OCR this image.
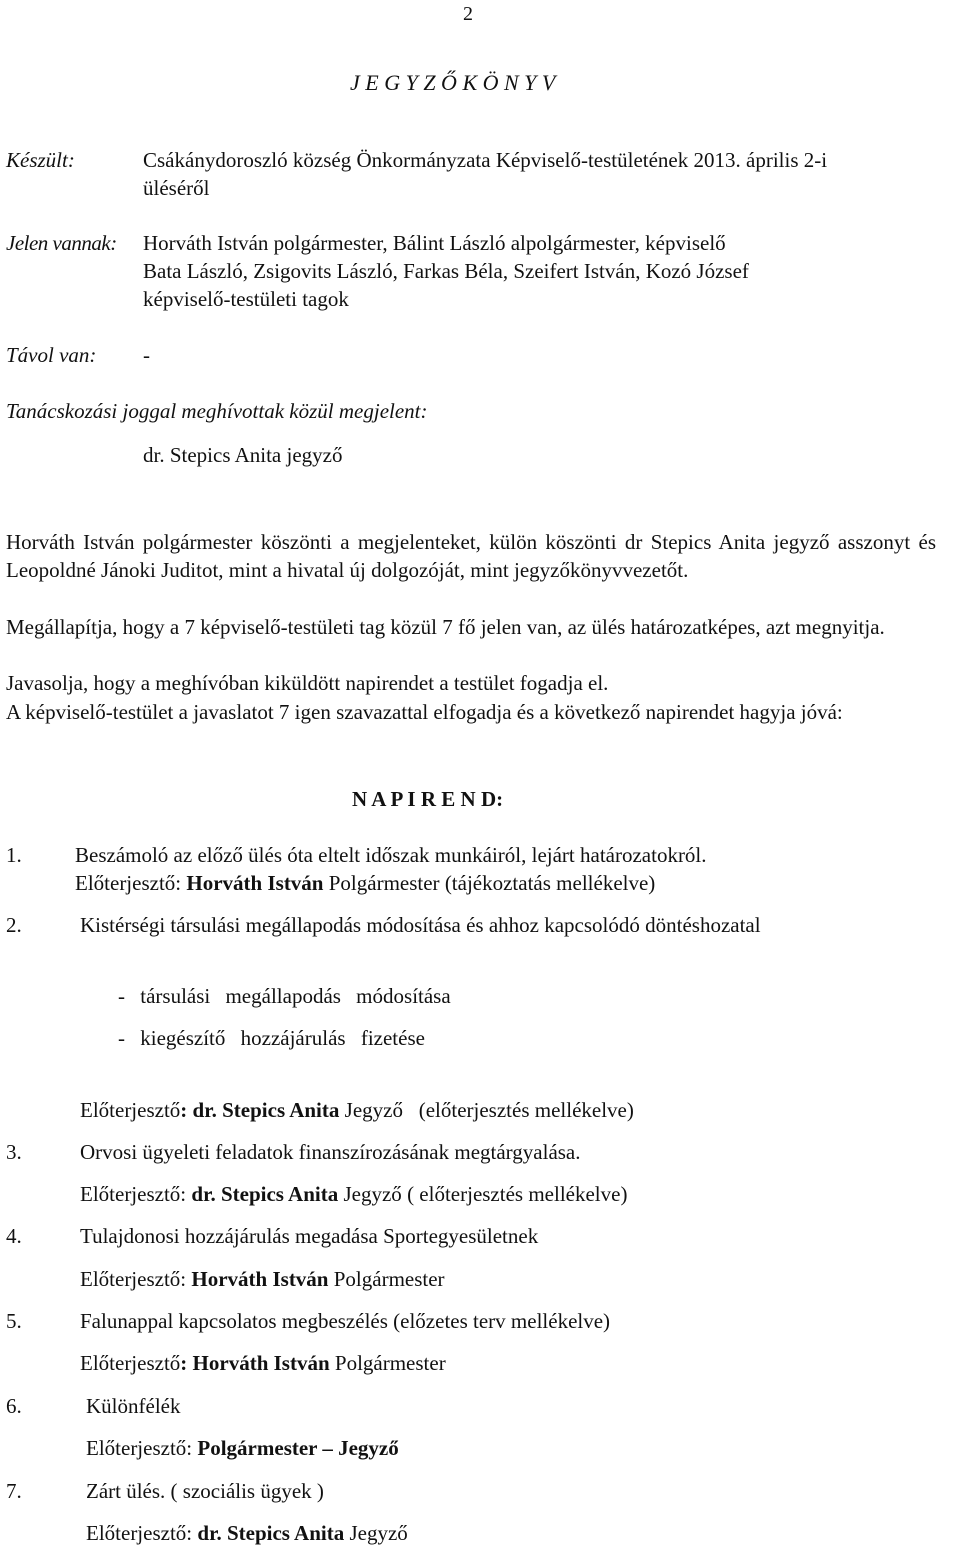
2
J E G Y Z Ő K Ö N Y V
Készült:	Csákánydoroszló község Önkormányzata Képviselő-testületének 2013. április 2-i
üléséről
Jelen vannak: Horváth István polgármester, Bálint László alpolgármester, képviselő
Bata László, Zsigovits László, Farkas Béla, Szeifert István, Kozó József
képviselő-testületi tagok
Távol van: -
Tanácskozási joggal meghívottak közül megjelent:
dr. Stepics Anita jegyző
Horváth István polgármester köszönti a megjelenteket, külön köszönti dr Stepics Anita jegyző asszonyt és Leopoldné Jánoki Juditot, mint a hivatal új dolgozóját, mint jegyzőkönyvvezetőt.
Megállapítja, hogy a 7 képviselő-testületi tag közül 7 fő jelen van, az ülés határozatképes, azt megnyitja.
Javasolja, hogy a meghívóban kiküldött napirendet a testület fogadja el.
A képviselő-testület a javaslatot 7 igen szavazattal elfogadja és a következő napirendet hagyja jóvá:
N A P I R E N D:
1.	Beszámoló az előző ülés óta eltelt időszak munkáiról, lejárt határozatokról.
Előterjesztő: Horváth István Polgármester (tájékoztatás mellékelve)
2.	Kistérségi társulási megállapodás módosítása és ahhoz kapcsolódó döntéshozatal
- társulási megállapodás módosítása
- kiegészítő hozzájárulás fizetése
Előterjesztő: dr. Stepics Anita Jegyző (előterjesztés mellékelve)
3.	Orvosi ügyeleti feladatok finanszírozásának megtárgyalása.
Előterjesztő: dr. Stepics Anita Jegyző ( előterjesztés mellékelve)
4.	Tulajdonosi hozzájárulás megadása Sportegyesületnek
Előterjesztő: Horváth István Polgármester
5.	Falunappal kapcsolatos megbeszélés (előzetes terv mellékelve)
Előterjesztő: Horváth István Polgármester
6.	Különfélék
Előterjesztő: Polgármester – Jegyző
7.	Zárt ülés. ( szociális ügyek )
Előterjesztő: dr. Stepics Anita Jegyző
